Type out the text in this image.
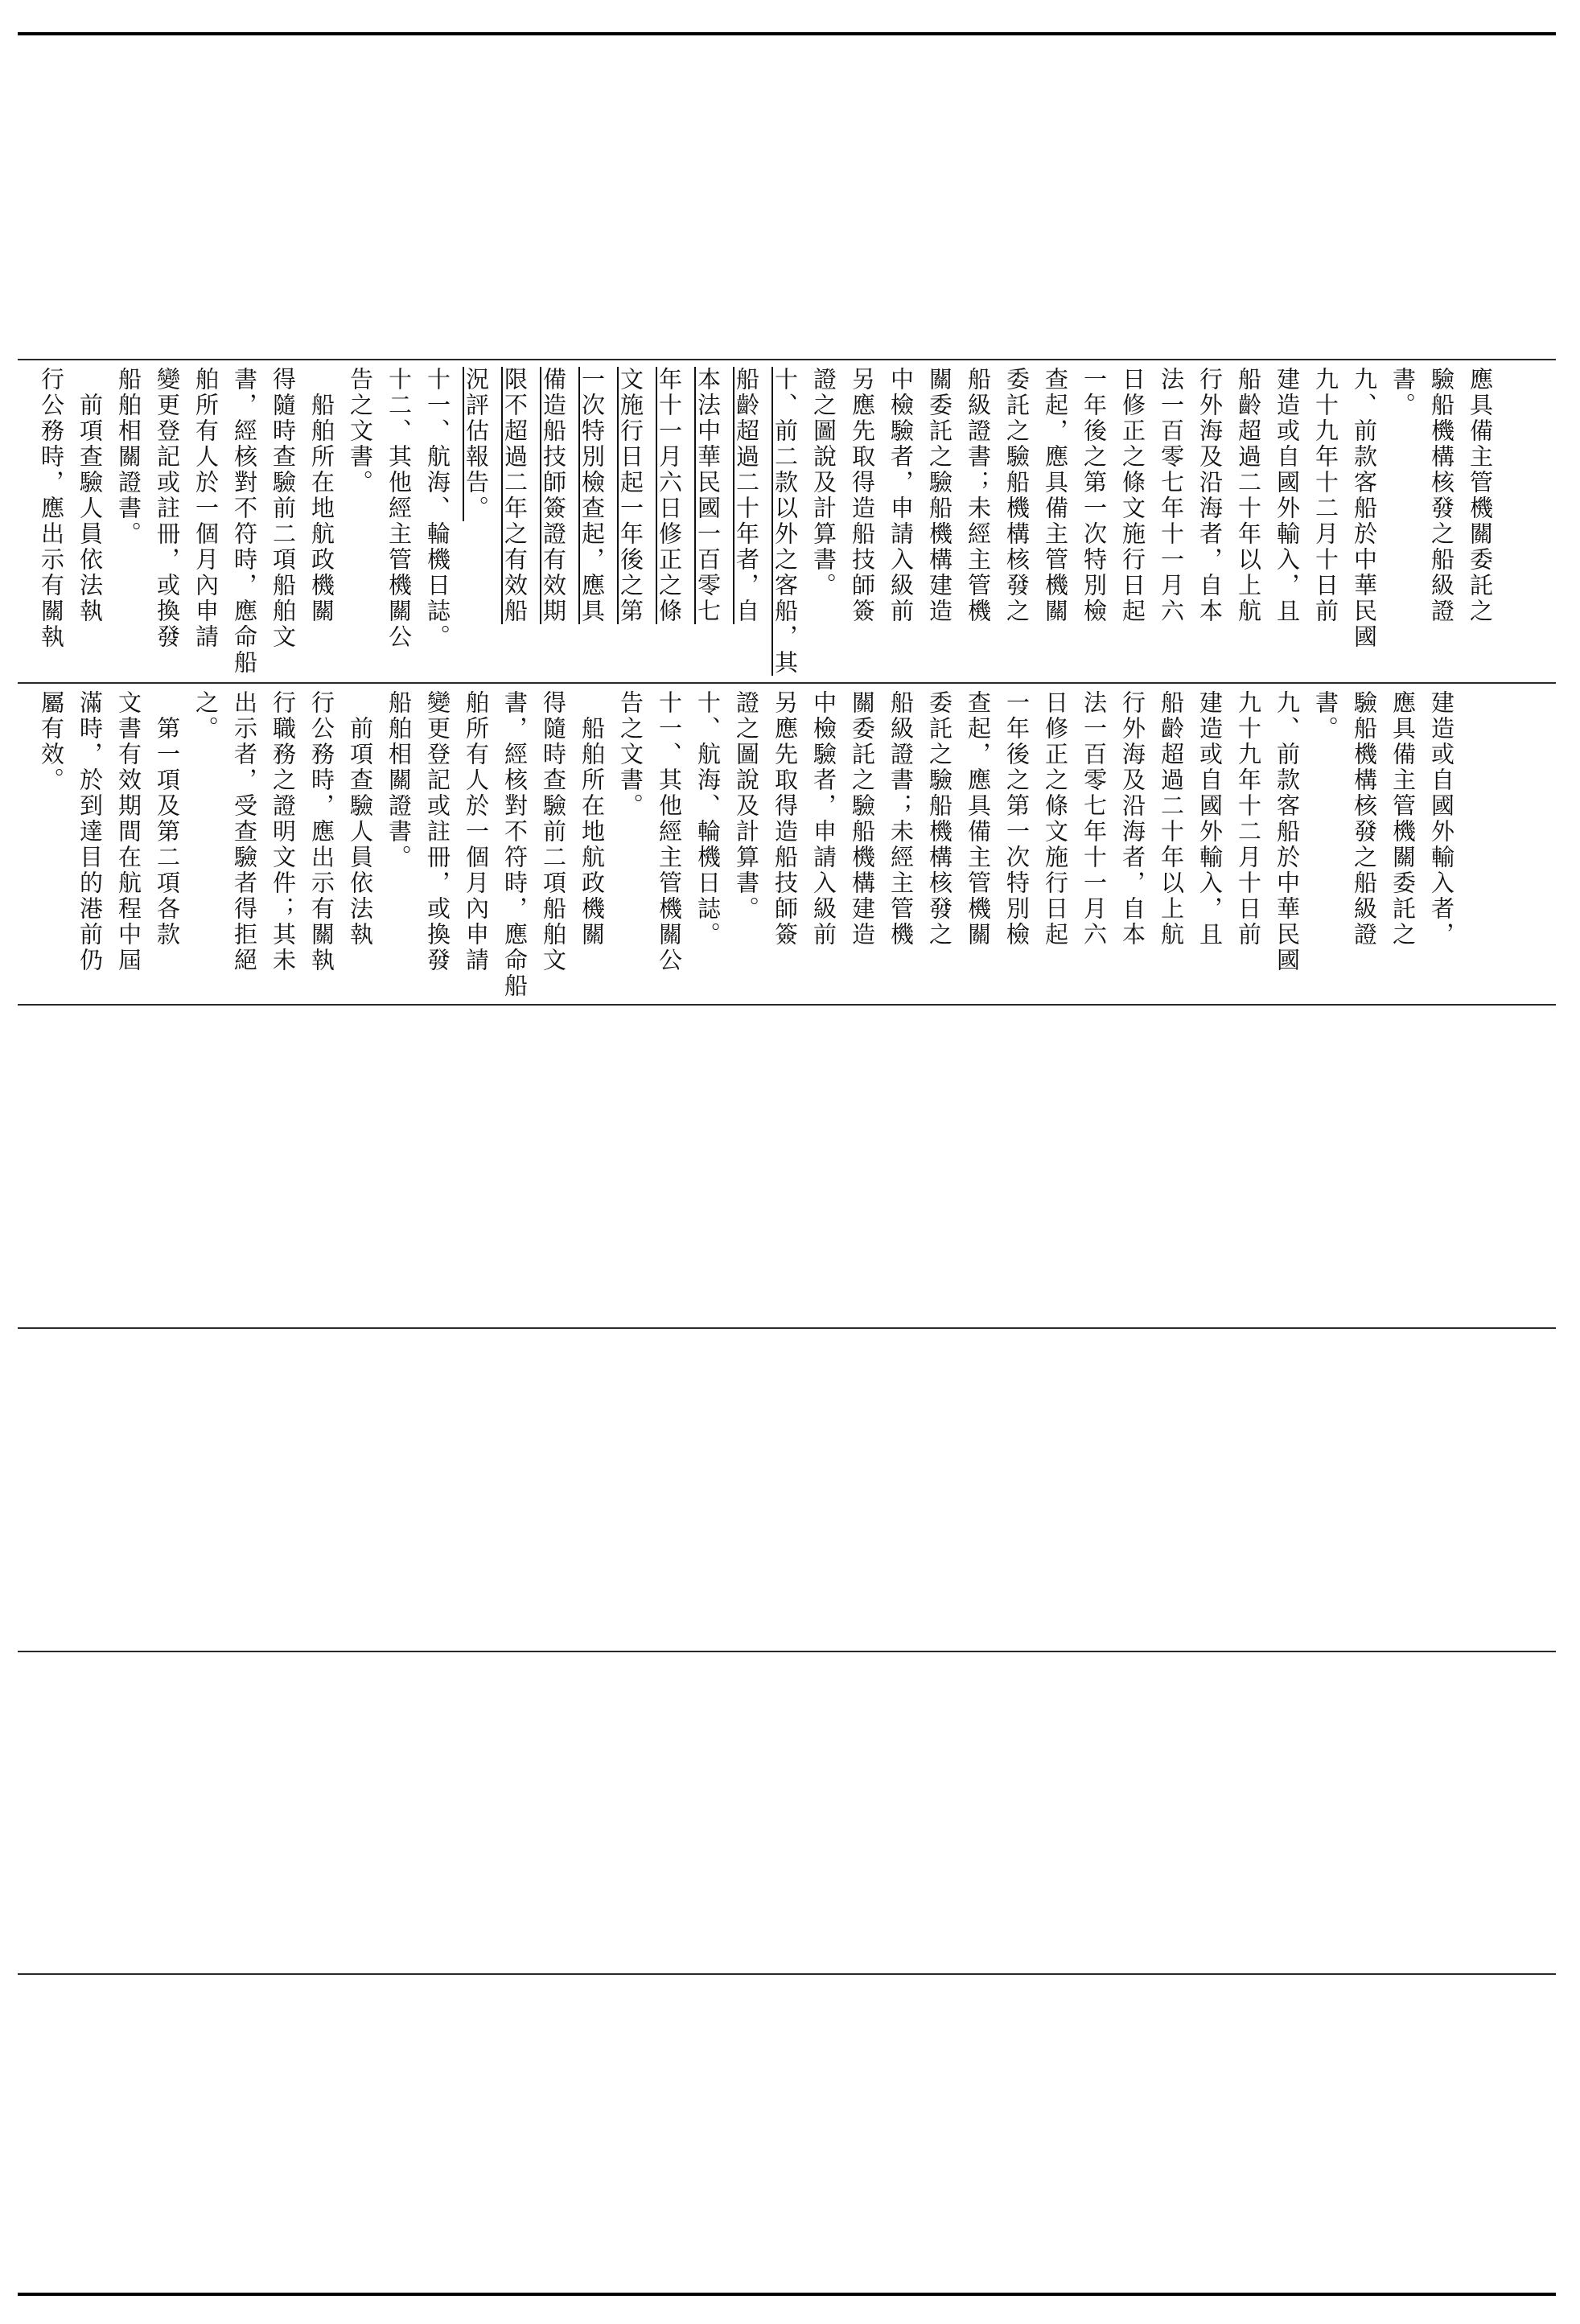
應具備主管機關委託之
驗船機構核發之船級證
書。
九、前款客船於中華民國
九十九年十二月十日前
建造或自國外輸入，且
船齡超過二十年以上航
行外海及沿海者，自本
法一百零七年十一月六
日修正之條文施行日起
一年後之第一次特別檢
查起，應具備主管機關
委託之驗船機構核發之
船級證書；未經主管機
關委託之驗船機構建造
中檢驗者，申請入級前
另應先取得造船技師簽
證之圖說及計算書。
十、前二款以外之客船，其
船齡超過二十年者，自
本法中華民國一百零七
年十一月六日修正之條
文施行日起一年後之第
一次特別檢查起，應具
備造船技師簽證有效期
限不超過二年之有效船
況評估報告。
十一、航海、輪機日誌。
十二、其他經主管機關公
告之文書。
　船舶所在地航政機關
得隨時查驗前二項船舶文
書，經核對不符時，應命船
舶所有人於一個月內申請
變更登記或註冊，或換發
船舶相關證書。
　前項查驗人員依法執
行公務時，應出示有關執
建造或自國外輸入者，
應具備主管機關委託之
驗船機構核發之船級證
書。
九、前款客船於中華民國
九十九年十二月十日前
建造或自國外輸入，且
船齡超過二十年以上航
行外海及沿海者，自本
法一百零七年十一月六
日修正之條文施行日起
一年後之第一次特別檢
查起，應具備主管機關
委託之驗船機構核發之
船級證書；未經主管機
關委託之驗船機構建造
中檢驗者，申請入級前
另應先取得造船技師簽
證之圖說及計算書。
十、航海、輪機日誌。
十一、其他經主管機關公
告之文書。
　船舶所在地航政機關
得隨時查驗前二項船舶文
書，經核對不符時，應命船
舶所有人於一個月內申請
變更登記或註冊，或換發
船舶相關證書。
　前項查驗人員依法執
行公務時，應出示有關執
行職務之證明文件；其未
出示者，受查驗者得拒絕
之。
　第一項及第二項各款
文書有效期間在航程中屆
滿時，於到達目的港前仍
屬有效。
